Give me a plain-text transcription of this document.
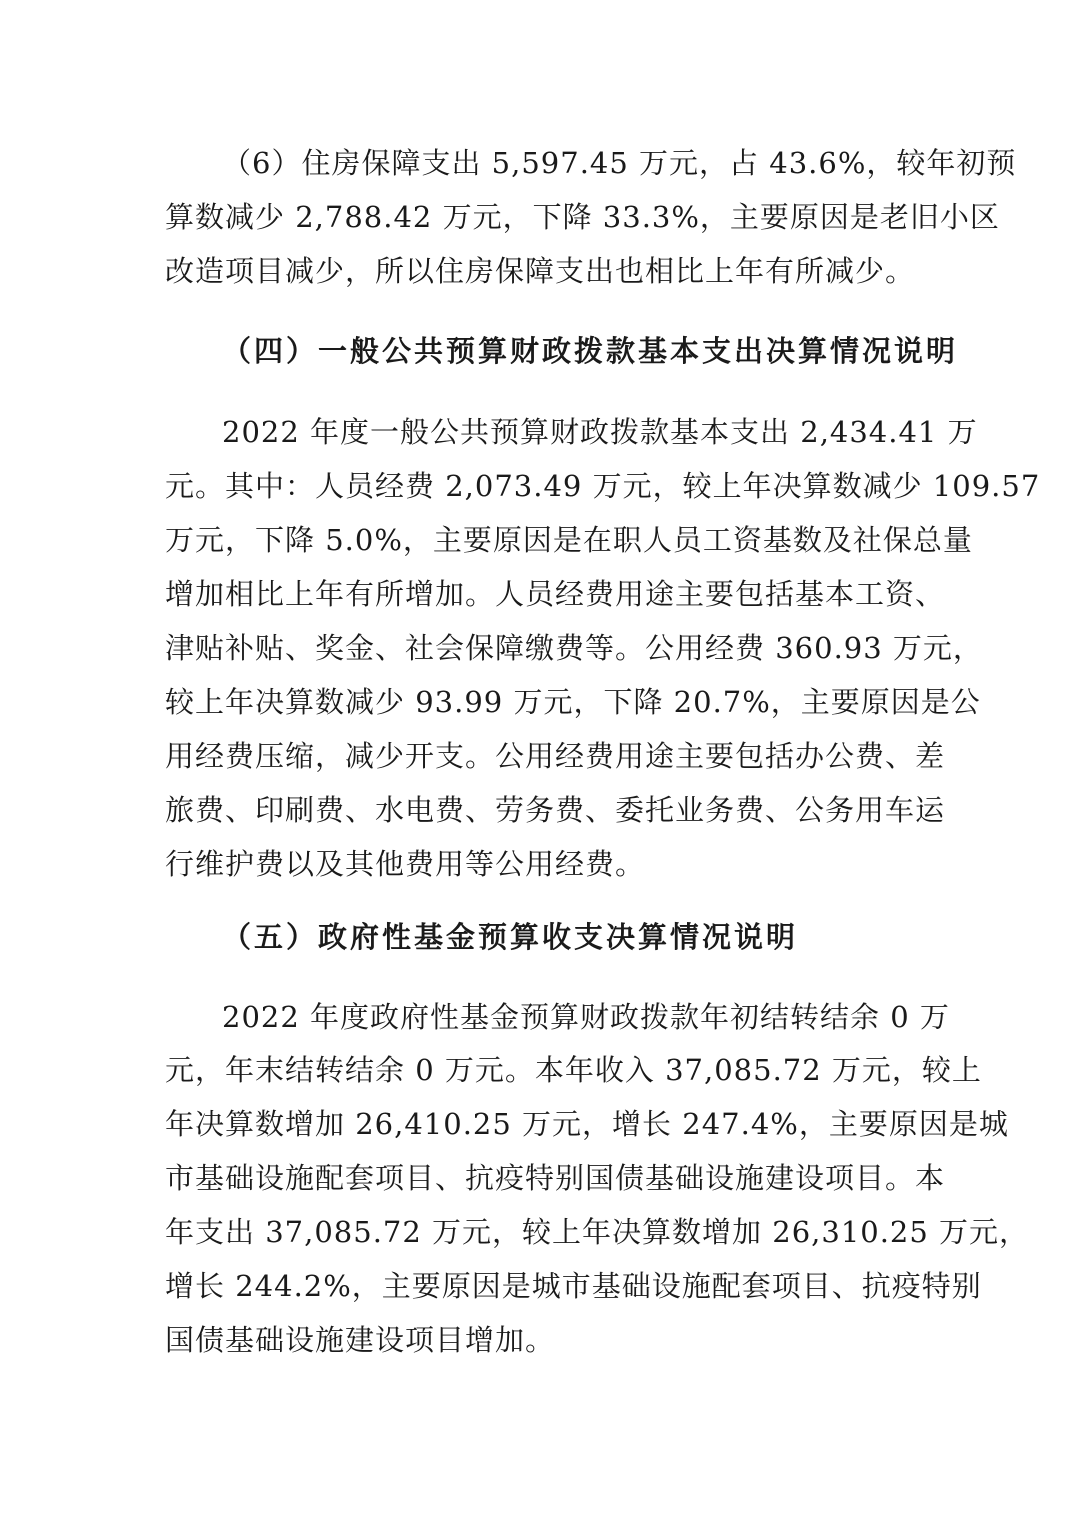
（6）住房保障支出 5,597.45 万元，占 43.6%，较年初预
算数减少 2,788.42 万元，下降 33.3%，主要原因是老旧小区
改造项目减少，所以住房保障支出也相比上年有所减少。
（四）一般公共预算财政拨款基本支出决算情况说明
2022 年度一般公共预算财政拨款基本支出 2,434.41 万
元。其中：人员经费 2,073.49 万元，较上年决算数减少 109.57
万元，下降 5.0%，主要原因是在职人员工资基数及社保总量
增加相比上年有所增加。人员经费用途主要包括基本工资、
津贴补贴、奖金、社会保障缴费等。公用经费 360.93 万元，
较上年决算数减少 93.99 万元，下降 20.7%，主要原因是公
用经费压缩，减少开支。公用经费用途主要包括办公费、差
旅费、印刷费、水电费、劳务费、委托业务费、公务用车运
行维护费以及其他费用等公用经费。
（五）政府性基金预算收支决算情况说明
2022 年度政府性基金预算财政拨款年初结转结余 0 万
元，年末结转结余 0 万元。本年收入 37,085.72 万元，较上
年决算数增加 26,410.25 万元，增长 247.4%，主要原因是城
市基础设施配套项目、抗疫特别国债基础设施建设项目。本
年支出 37,085.72 万元，较上年决算数增加 26,310.25 万元，
增长 244.2%，主要原因是城市基础设施配套项目、抗疫特别
国债基础设施建设项目增加。
